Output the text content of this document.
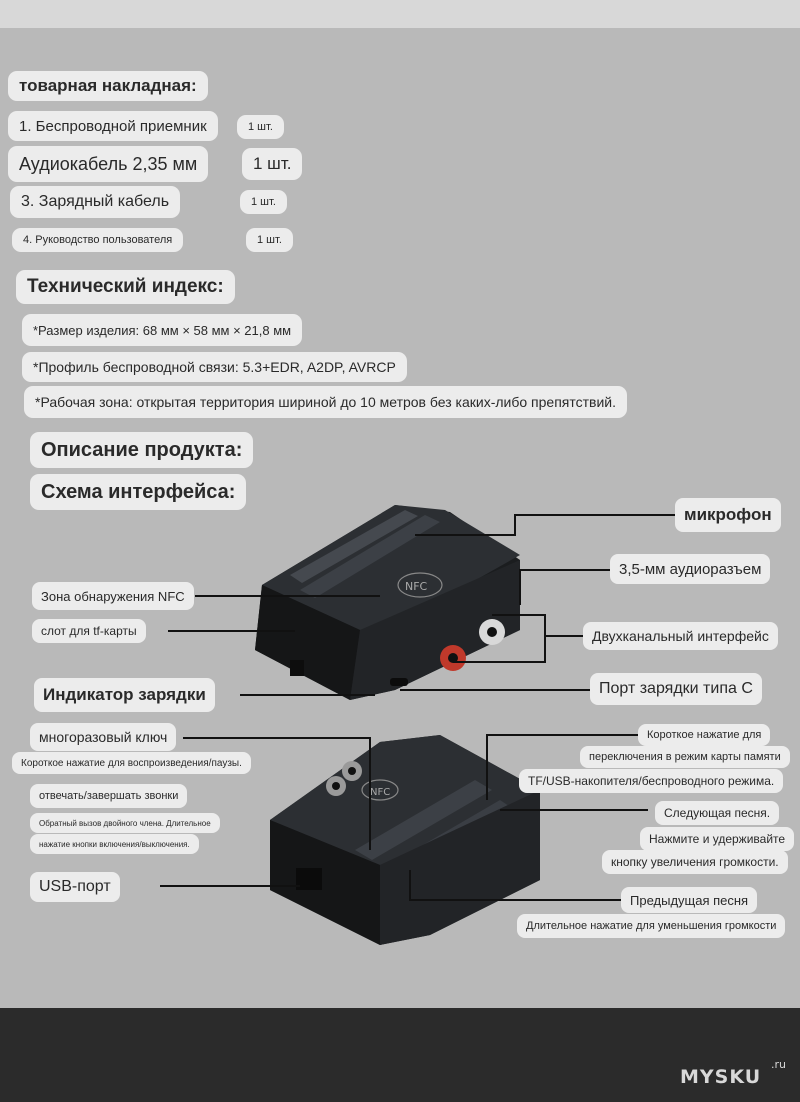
товарная накладная:
1. Беспроводной приемник	1 шт.
Аудиокабель 2,35 мм	1 шт.
3. Зарядный кабель	1 шт.
4. Руководство пользователя	1 шт.
Технический индекс:
*Размер изделия: 68 мм × 58 мм × 21,8 мм
*Профиль беспроводной связи: 5.3+EDR, A2DP, AVRCP
*Рабочая зона: открытая территория шириной до 10 метров без каких-либо препятствий.
Описание продукта:
Схема интерфейса:
NFC
NFC
микрофон
3,5-мм аудиоразъем
Зона обнаружения NFC
слот для tf-карты	Двухканальный интерфейс
Индикатор зарядки	Порт зарядки типа C
многоразовый ключ
Короткое нажатие для воспроизведения/паузы.
отвечать/завершать звонки
Обратный вызов двойного члена. Длительное
нажатие кнопки включения/выключения.
Короткое нажатие для
переключения в режим карты памяти
TF/USB-накопителя/беспроводного режима.
Следующая песня.
Нажмите и удерживайте
кнопку увеличения громкости.
USB-порт
Предыдущая песня
Длительное нажатие для уменьшения громкости
MYSKU
.ru
